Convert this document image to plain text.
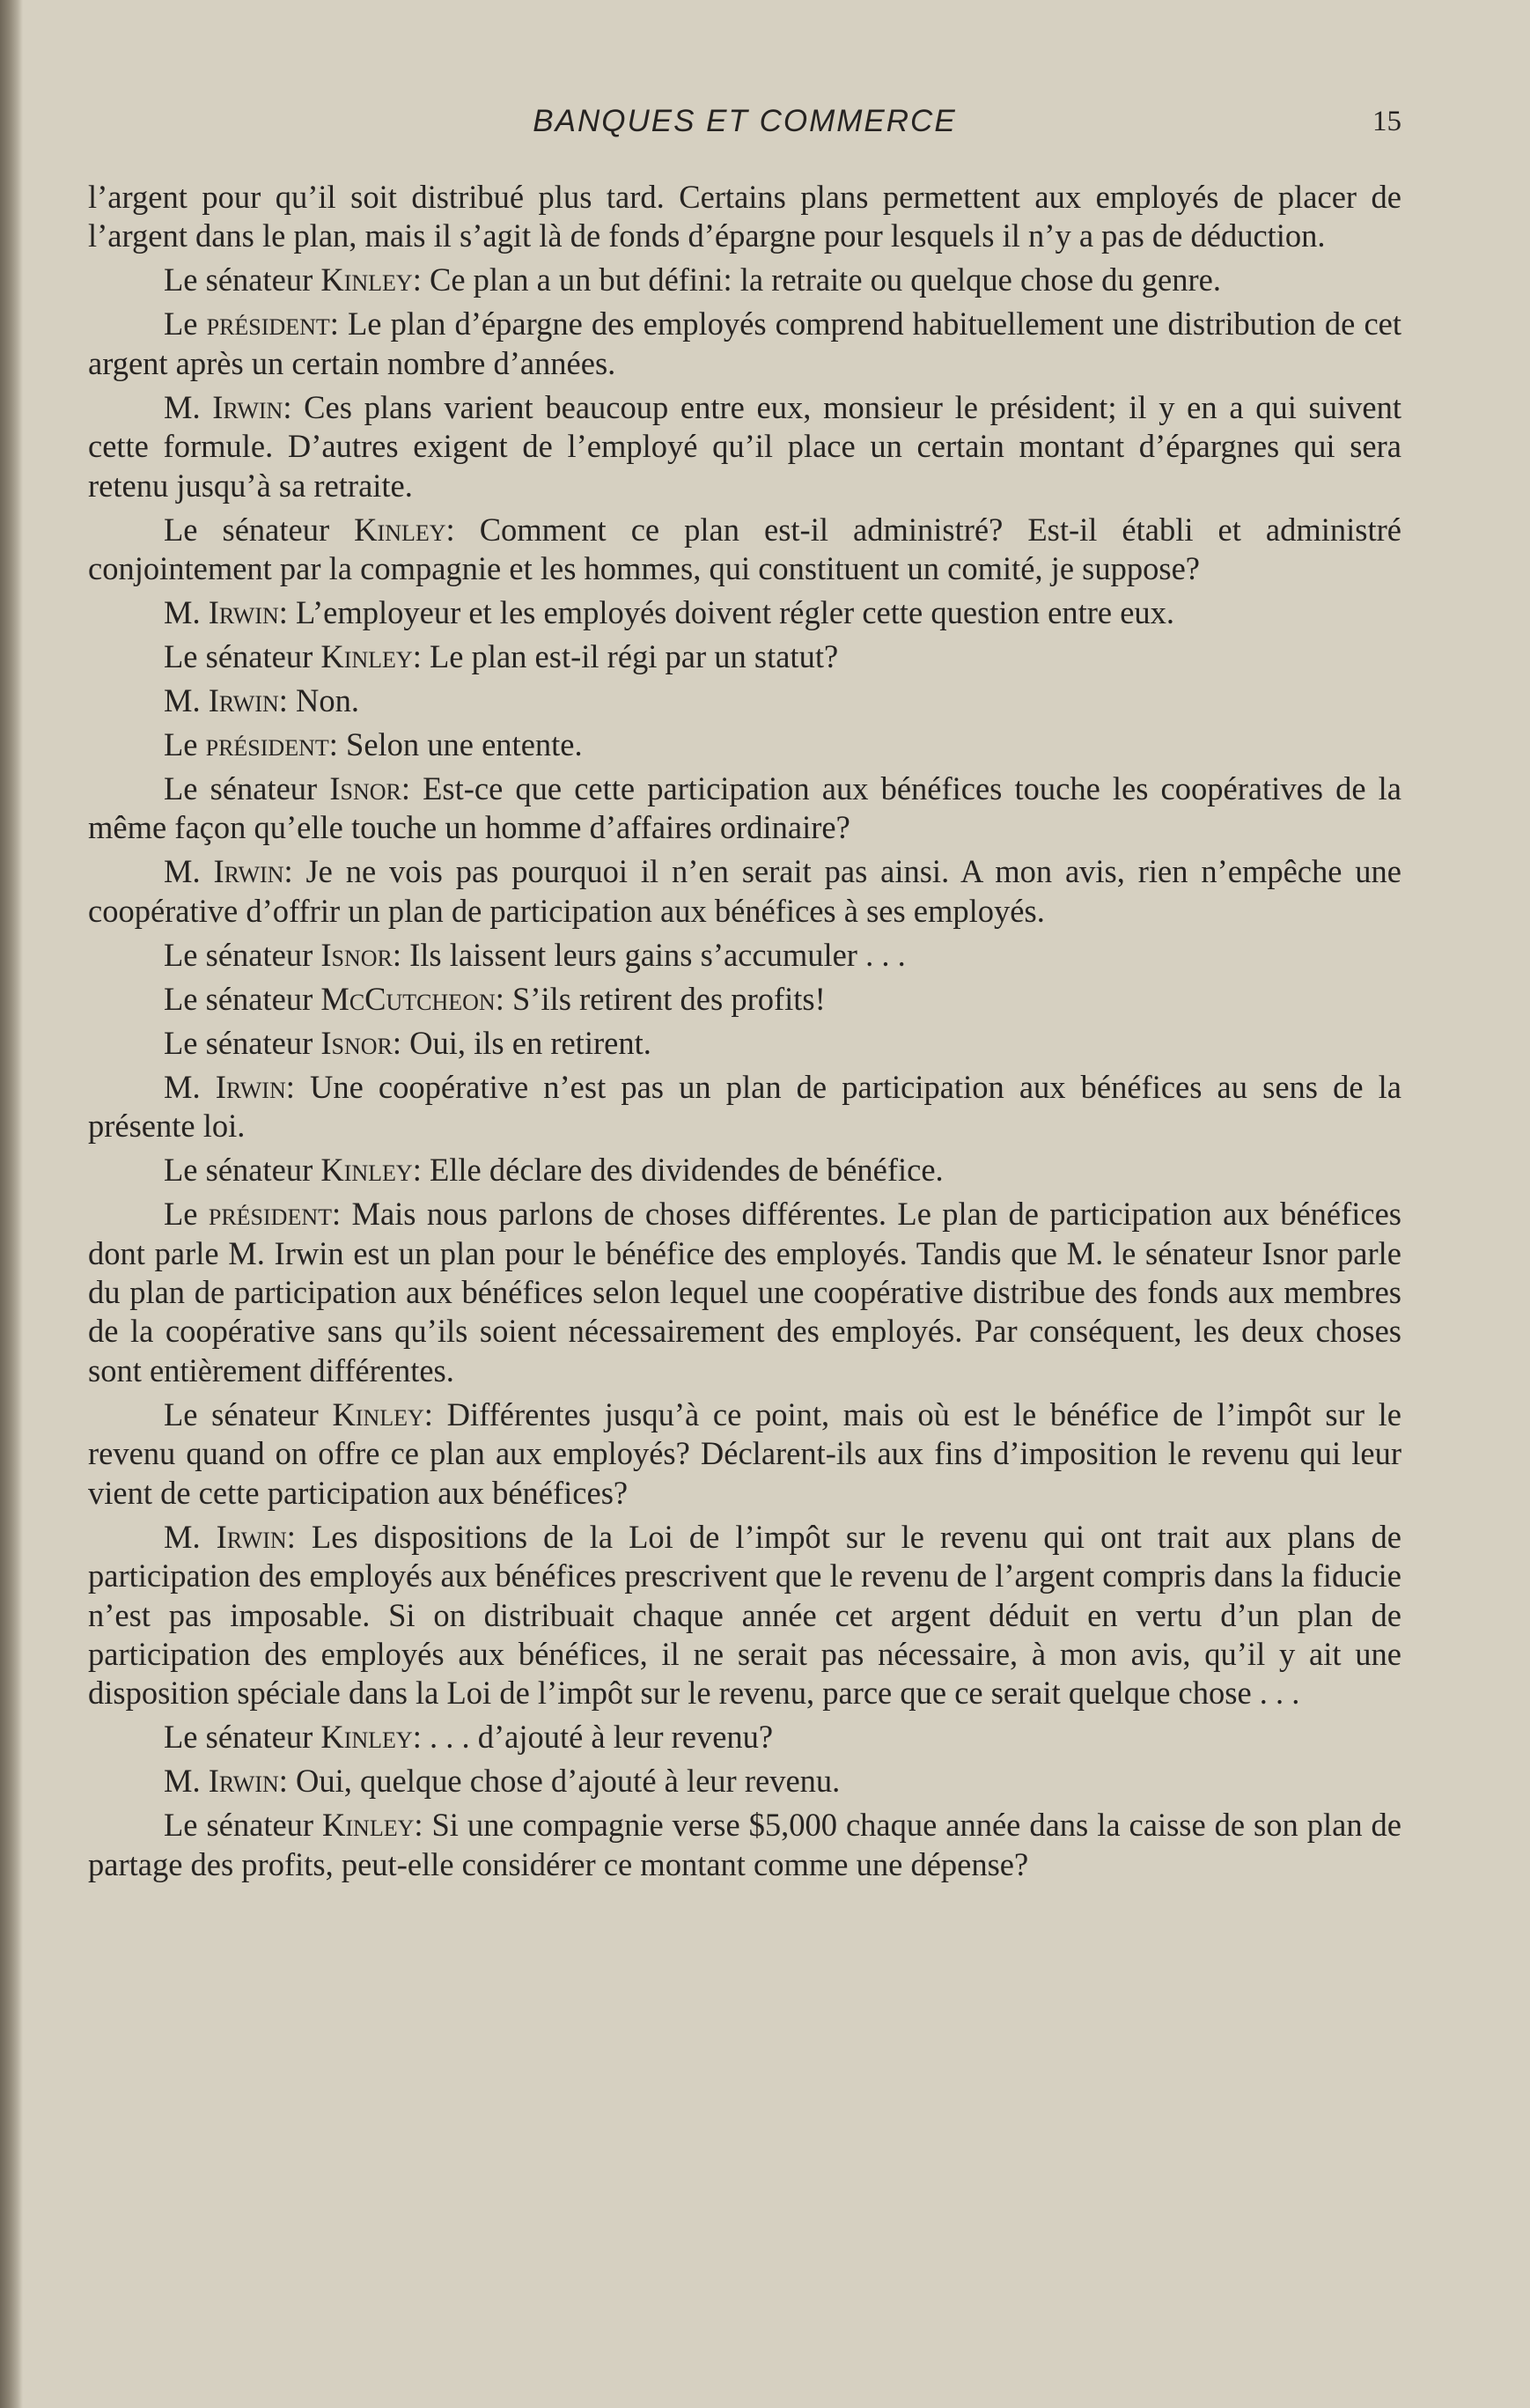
BANQUES ET COMMERCE	15

l’argent pour qu’il soit distribué plus tard. Certains plans permettent aux employés de placer de l’argent dans le plan, mais il s’agit là de fonds d’épargne pour lesquels il n’y a pas de déduction.

Le sénateur Kinley: Ce plan a un but défini: la retraite ou quelque chose du genre.

Le président: Le plan d’épargne des employés comprend habituellement une distribution de cet argent après un certain nombre d’années.

M. Irwin: Ces plans varient beaucoup entre eux, monsieur le président; il y en a qui suivent cette formule. D’autres exigent de l’employé qu’il place un certain montant d’épargnes qui sera retenu jusqu’à sa retraite.

Le sénateur Kinley: Comment ce plan est-il administré? Est-il établi et administré conjointement par la compagnie et les hommes, qui constituent un comité, je suppose?

M. Irwin: L’employeur et les employés doivent régler cette question entre eux.

Le sénateur Kinley: Le plan est-il régi par un statut?

M. Irwin: Non.

Le président: Selon une entente.

Le sénateur Isnor: Est-ce que cette participation aux bénéfices touche les coopératives de la même façon qu’elle touche un homme d’affaires ordinaire?

M. Irwin: Je ne vois pas pourquoi il n’en serait pas ainsi. A mon avis, rien n’empêche une coopérative d’offrir un plan de participation aux bénéfices à ses employés.

Le sénateur Isnor: Ils laissent leurs gains s’accumuler . . .

Le sénateur McCutcheon: S’ils retirent des profits!

Le sénateur Isnor: Oui, ils en retirent.

M. Irwin: Une coopérative n’est pas un plan de participation aux bénéfices au sens de la présente loi.

Le sénateur Kinley: Elle déclare des dividendes de bénéfice.

Le président: Mais nous parlons de choses différentes. Le plan de participation aux bénéfices dont parle M. Irwin est un plan pour le bénéfice des employés. Tandis que M. le sénateur Isnor parle du plan de participation aux bénéfices selon lequel une coopérative distribue des fonds aux membres de la coopérative sans qu’ils soient nécessairement des employés. Par conséquent, les deux choses sont entièrement différentes.

Le sénateur Kinley: Différentes jusqu’à ce point, mais où est le bénéfice de l’impôt sur le revenu quand on offre ce plan aux employés? Déclarent-ils aux fins d’imposition le revenu qui leur vient de cette participation aux bénéfices?

M. Irwin: Les dispositions de la Loi de l’impôt sur le revenu qui ont trait aux plans de participation des employés aux bénéfices prescrivent que le revenu de l’argent compris dans la fiducie n’est pas imposable. Si on distribuait chaque année cet argent déduit en vertu d’un plan de participation des employés aux bénéfices, il ne serait pas nécessaire, à mon avis, qu’il y ait une disposition spéciale dans la Loi de l’impôt sur le revenu, parce que ce serait quelque chose . . .

Le sénateur Kinley: . . . d’ajouté à leur revenu?

M. Irwin: Oui, quelque chose d’ajouté à leur revenu.

Le sénateur Kinley: Si une compagnie verse $5,000 chaque année dans la caisse de son plan de partage des profits, peut-elle considérer ce montant comme une dépense?
